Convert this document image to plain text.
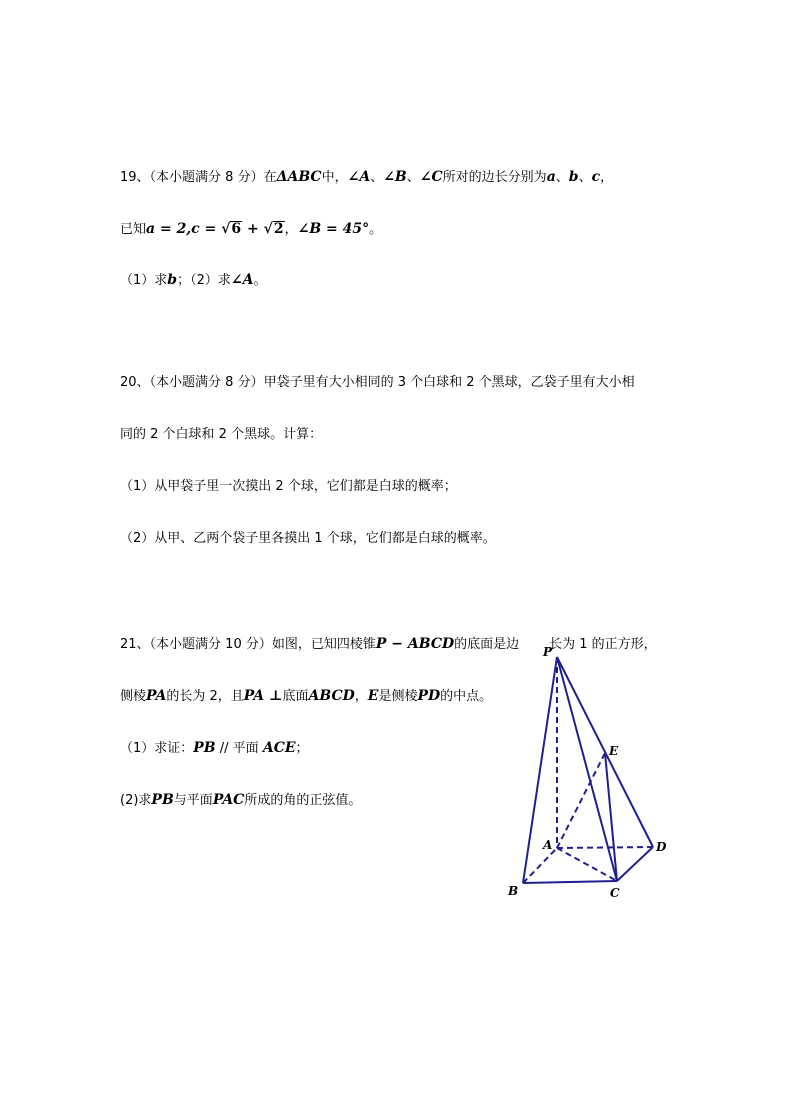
19、（本小题满分 8 分）在ΔABC中，∠A、∠B、∠C所对的边长分别为a、b、c，
已知a = 2,c = √6 + √2，∠B = 45°。
（1）求b；（2）求∠A。
20、（本小题满分 8 分）甲袋子里有大小相同的 3 个白球和 2 个黑球，乙袋子里有大小相
同的 2 个白球和 2 个黑球。计算：
（1）从甲袋子里一次摸出 2 个球，它们都是白球的概率；
（2）从甲、乙两个袋子里各摸出 1 个球，它们都是白球的概率。
21、（本小题满分 10 分）如图，已知四棱锥P − ABCD的底面是边 长为 1 的正方形，
侧棱PA的长为 2，且PA ⊥底面ABCD，E是侧棱PD的中点。
（1）求证：PB // 平面 ACE；
(2)求PB与平面PAC所成的角的正弦值。
P
E
A	D
B	C
